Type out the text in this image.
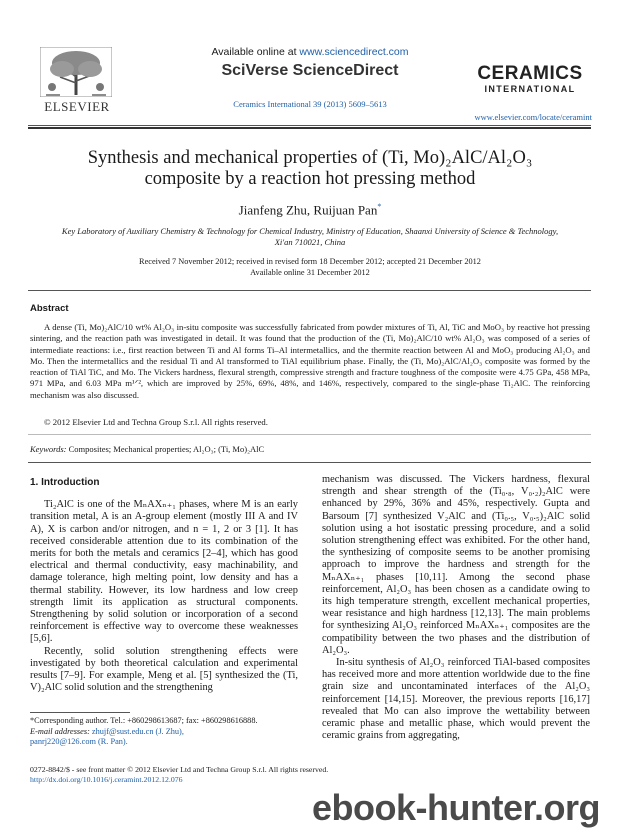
ELSEVIER
Available online at www.sciencedirect.com
SciVerse ScienceDirect
Ceramics International 39 (2013) 5609–5613
CERAMICS
INTERNATIONAL
www.elsevier.com/locate/ceramint
Synthesis and mechanical properties of (Ti, Mo)₂AlC/Al₂O₃
composite by a reaction hot pressing method
Jianfeng Zhu, Ruijuan Pan*
Key Laboratory of Auxiliary Chemistry & Technology for Chemical Industry, Ministry of Education, Shaanxi University of Science & Technology,
Xi'an 710021, China
Received 7 November 2012; received in revised form 18 December 2012; accepted 21 December 2012
Available online 31 December 2012
Abstract
A dense (Ti, Mo)₂AlC/10 wt% Al₂O₃ in-situ composite was successfully fabricated from powder mixtures of Ti, Al, TiC and MoO₃ by reactive hot pressing sintering, and the reaction path was investigated in detail. It was found that the production of the (Ti, Mo)₂AlC/10 wt% Al₂O₃ was composed of a series of intermediate reactions: i.e., first reaction between Ti and Al forms Ti–Al intermetallics, and the thermite reaction between Al and MoO₃ producing Al₂O₃ and Mo. Then the intermetallics and the residual Ti and Al transformed to TiAl equilibrium phase. Finally, the (Ti, Mo)₂AlC/Al₂O₃ composite was formed by the reaction of TiAl TiC, and Mo. The Vickers hardness, flexural strength, compressive strength and fracture toughness of the composite were 4.75 GPa, 458 MPa, 971 MPa, and 6.03 MPa m¹ᐟ², which are improved by 25%, 69%, 48%, and 146%, respectively, compared to the single-phase Ti₂AlC. The reinforcing mechanism was also discussed.
© 2012 Elsevier Ltd and Techna Group S.r.l. All rights reserved.
Keywords: Composites; Mechanical properties; Al₂O₃; (Ti, Mo)₂AlC
1. Introduction

Ti₂AlC is one of the MₙAXₙ₊₁ phases, where M is an early transition metal, A is an A-group element (mostly III A and IV A), X is carbon and/or nitrogen, and n = 1, 2 or 3 [1]. It has received considerable attention due to its combination of the merits for both the metals and ceramics [2–4], which has good electrical and thermal conductivity, easy machinability, and damage tolerance, high melting point, low density and has a thermal stability. However, its low hardness and low creep strength limit its application as structural components. Strengthening by solid solution or incorporation of a second reinforcement is effective way to overcome these weaknesses [5,6].

Recently, solid solution strengthening effects were investigated by both theoretical calculation and experimental results [7–9]. For example, Meng et al. [5] synthesized the (Ti, V)₂AlC solid solution and the strengthening

mechanism was discussed. The Vickers hardness, flexural strength and shear strength of the (Ti₀.₈, V₀.₂)₂AlC were enhanced by 29%, 36% and 45%, respectively. Gupta and Barsoum [7] synthesized V₂AlC and (Ti₀.₅, V₀.₅)₂AlC solid solution using a hot isostatic pressing procedure, and a solid solution strengthening effect was exhibited. For the other hand, the synthesizing of composite seems to be another promising approach to improve the hardness and strength for the MₙAXₙ₊₁ phases [10,11]. Among the second phase reinforcement, Al₂O₃ has been chosen as a candidate owing to its high temperature strength, excellent mechanical properties, wear resistance and high hardness [12,13]. The main problems for synthesizing Al₂O₃ reinforced MₙAXₙ₊₁ composites are the compatibility between the two phases and the distribution of Al₂O₃.

In-situ synthesis of Al₂O₃ reinforced TiAl-based composites has received more and more attention worldwide due to the fine grain size and uncontaminated interfaces of the Al₂O₃ reinforcement [14,15]. Moreover, the previous reports [16,17] revealed that Mo can also improve the wettability between ceramic phase and metallic phase, which would prevent the ceramic grains from aggregating,

*Corresponding author. Tel.: +860298613687; fax: +860298616888.
E-mail addresses: zhujf@sust.edu.cn (J. Zhu),
panrj220@126.com (R. Pan).
0272-8842/$ - see front matter © 2012 Elsevier Ltd and Techna Group S.r.l. All rights reserved.
http://dx.doi.org/10.1016/j.ceramint.2012.12.076
ebook-hunter.org
